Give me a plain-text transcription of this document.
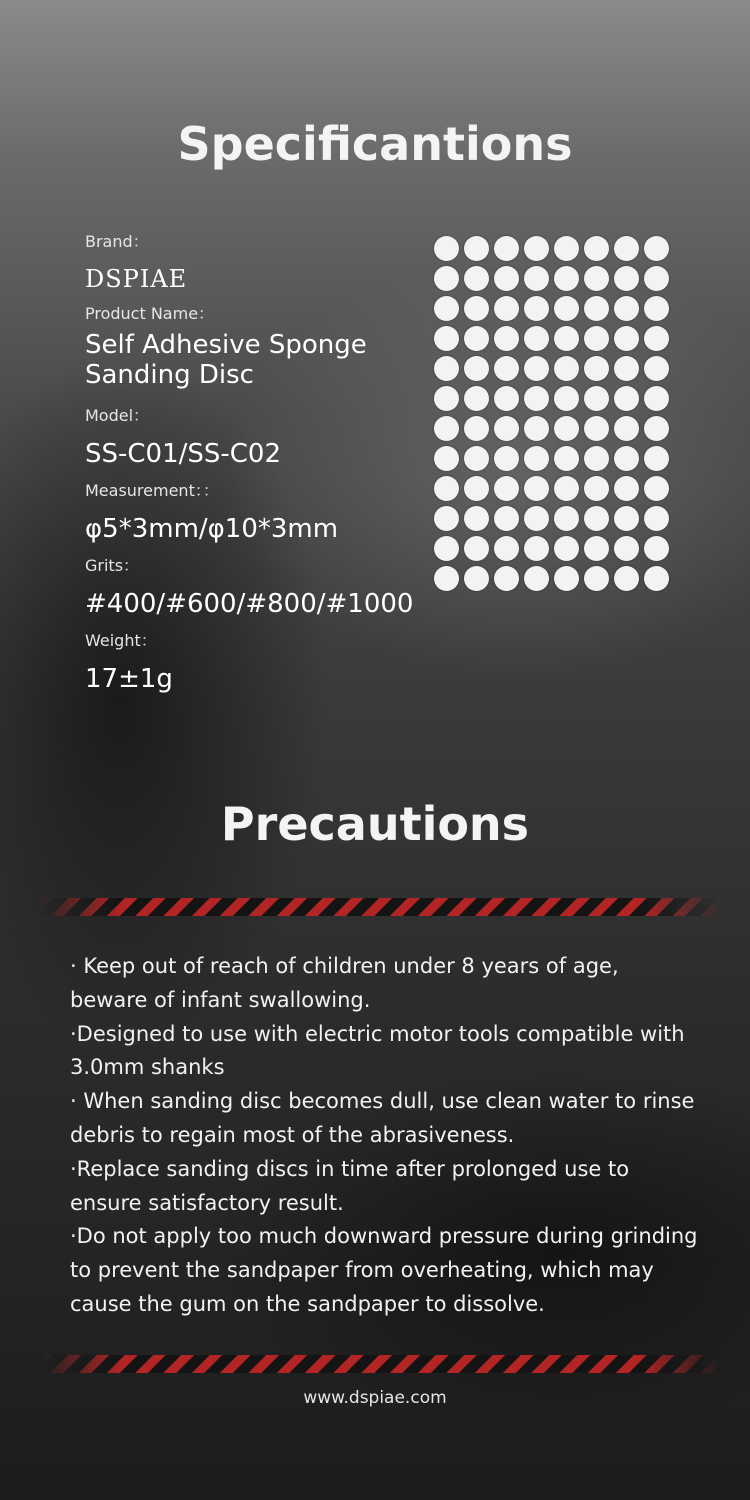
Specificantions
Brand：
DSPIAE
Product Name：
Self Adhesive Sponge
Sanding Disc
Model：
SS-C01/SS-C02
Measurement：：
φ5*3mm/φ10*3mm
Grits：
#400/#600/#800/#1000
Weight：
17±1g
Precautions
· Keep out of reach of children under 8 years of age, beware of infant swallowing.
·Designed to use with electric motor tools compatible with 3.0mm shanks
· When sanding disc becomes dull, use clean water to rinse debris to regain most of the abrasiveness.
·Replace sanding discs in time after prolonged use to ensure satisfactory result.
·Do not apply too much downward pressure during grinding to prevent the sandpaper from overheating, which may cause the gum on the sandpaper to dissolve.
www.dspiae.com
